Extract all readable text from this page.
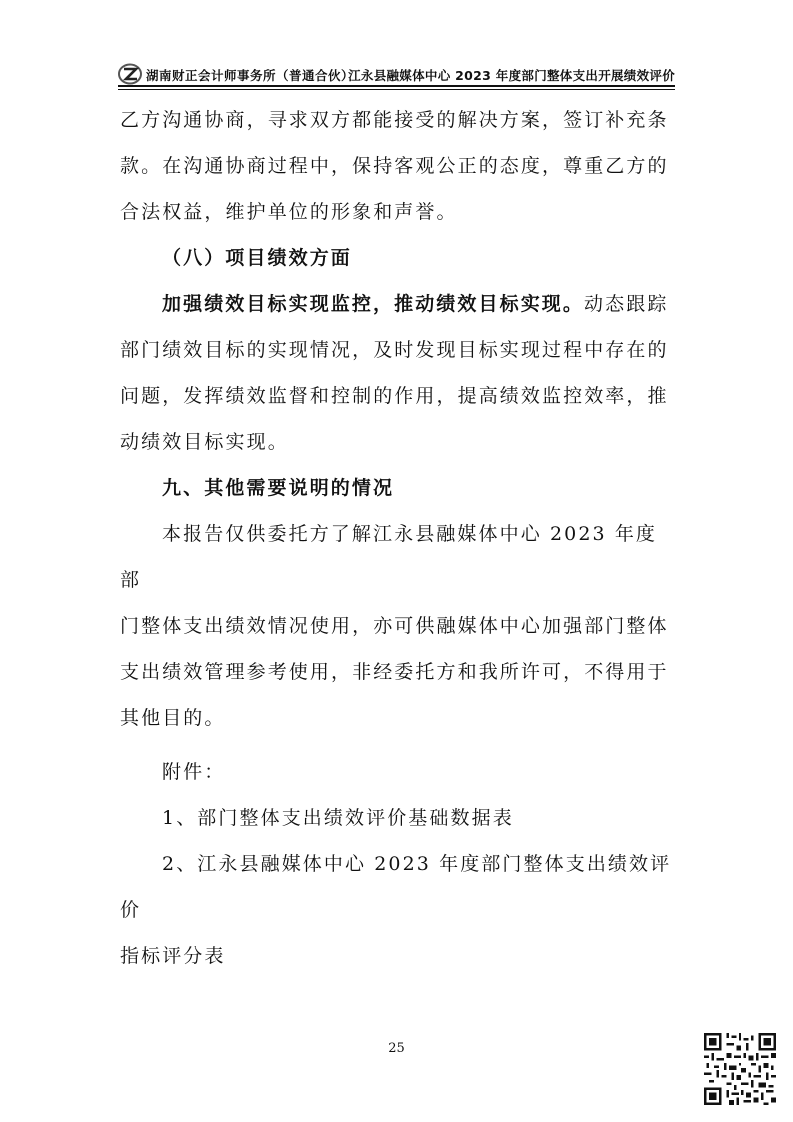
湖南财正会计师事务所（普通合伙）
江永县融媒体中心 2023 年度部门整体支出开展绩效评价

乙方沟通协商，寻求双方都能接受的解决方案，签订补充条

款。在沟通协商过程中，保持客观公正的态度，尊重乙方的

合法权益，维护单位的形象和声誉。

（八）项目绩效方面

加强绩效目标实现监控，推动绩效目标实现。动态跟踪

部门绩效目标的实现情况，及时发现目标实现过程中存在的

问题，发挥绩效监督和控制的作用，提高绩效监控效率，推

动绩效目标实现。

九、其他需要说明的情况

本报告仅供委托方了解江永县融媒体中心 2023 年度部

门整体支出绩效情况使用，亦可供融媒体中心加强部门整体

支出绩效管理参考使用，非经委托方和我所许可，不得用于

其他目的。

附件：

1、部门整体支出绩效评价基础数据表

2、江永县融媒体中心 2023 年度部门整体支出绩效评价

指标评分表

25
